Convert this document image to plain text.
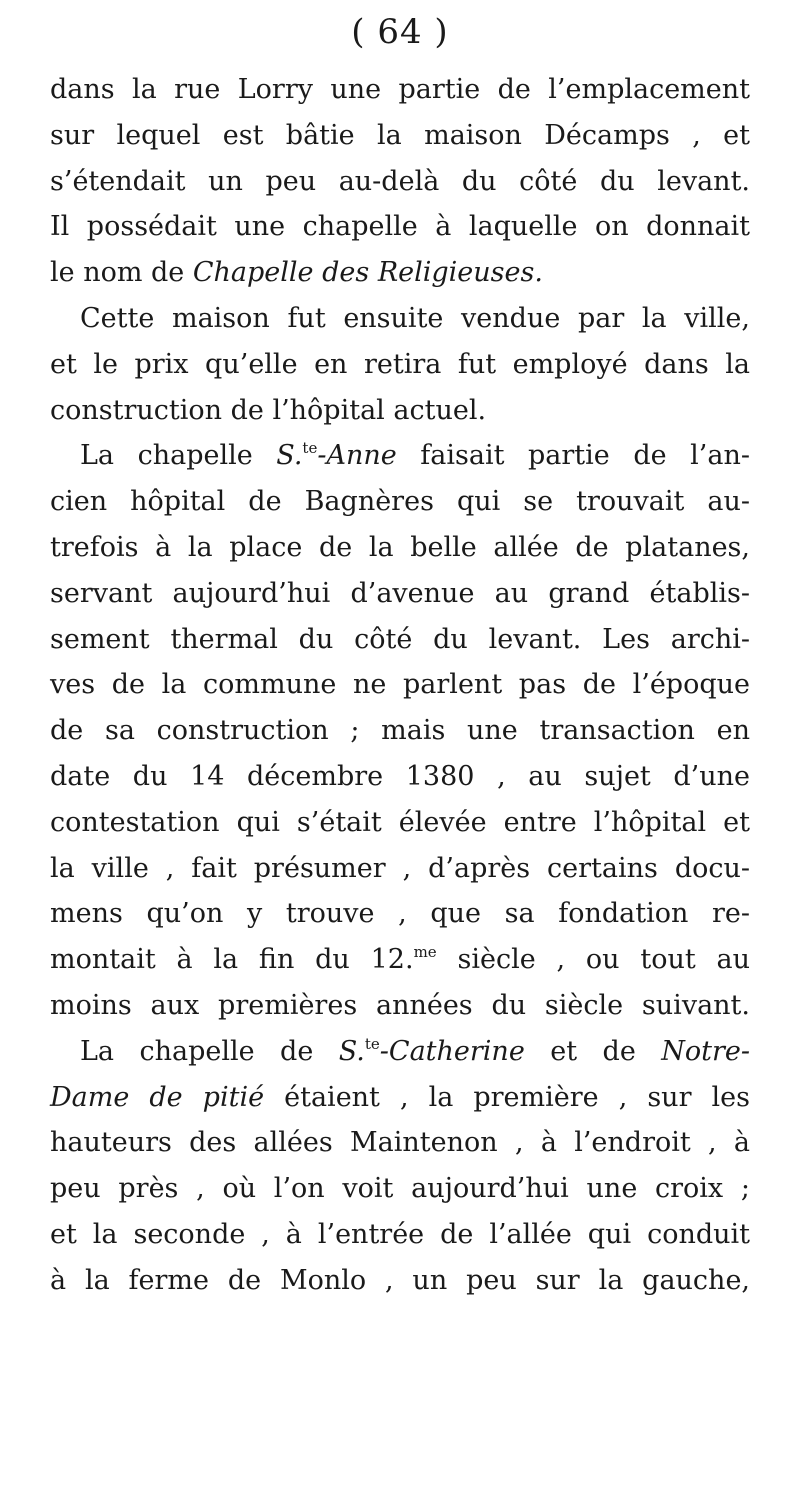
( 64 )
dans la rue Lorry une partie de l’emplacement
sur lequel est bâtie la maison Décamps , et
s’étendait un peu au-delà du côté du levant.
Il possédait une chapelle à laquelle on donnait
le nom de Chapelle des Religieuses.
Cette maison fut ensuite vendue par la ville,
et le prix qu’elle en retira fut employé dans la
construction de l’hôpital actuel.
La chapelle S.$^{te}$-Anne faisait partie de l’an-
cien hôpital de Bagnères qui se trouvait au-
trefois à la place de la belle allée de platanes,
servant aujourd’hui d’avenue au grand établis-
sement thermal du côté du levant. Les archi-
ves de la commune ne parlent pas de l’époque
de sa construction ; mais une transaction en
date du 14 décembre 1380 , au sujet d’une
contestation qui s’était élevée entre l’hôpital et
la ville , fait présumer , d’après certains docu-
mens qu’on y trouve , que sa fondation re-
montait à la fin du 12.$^{me}$ siècle , ou tout au
moins aux premières années du siècle suivant.
La chapelle de S.$^{te}$-Catherine et de Notre-
Dame de pitié étaient , la première , sur les
hauteurs des allées Maintenon , à l’endroit , à
peu près , où l’on voit aujourd’hui une croix ;
et la seconde , à l’entrée de l’allée qui conduit
à la ferme de Monlo , un peu sur la gauche,
